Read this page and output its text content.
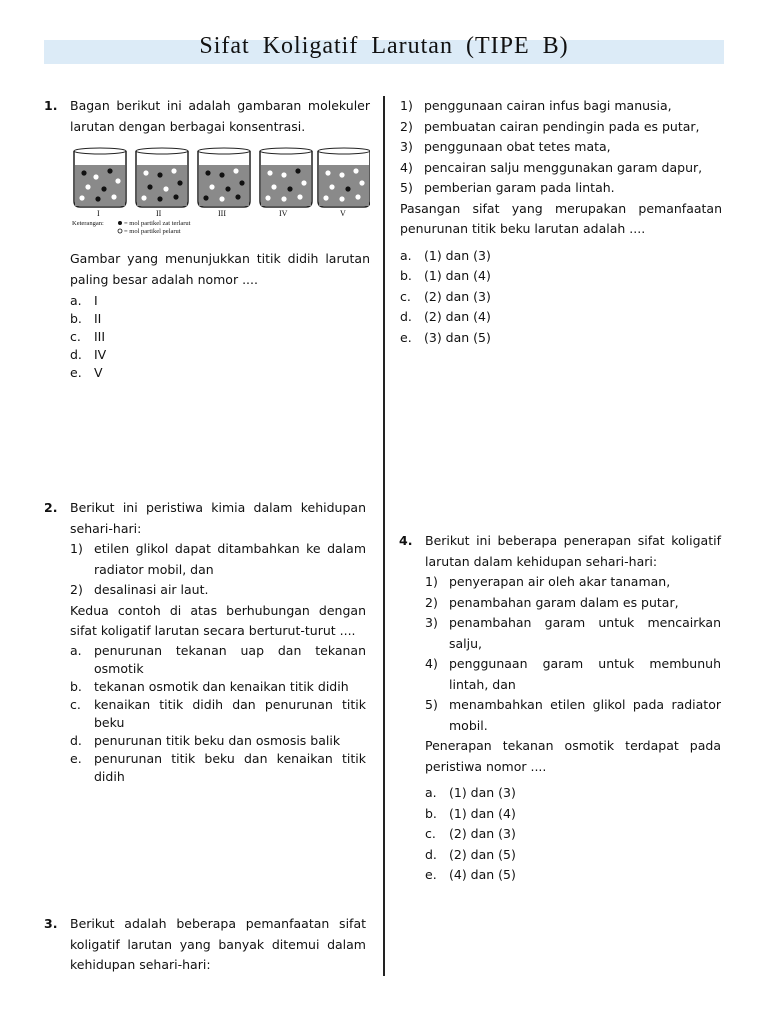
Sifat Koligatif Larutan (TIPE B)
1.	Bagan berikut ini adalah gambaran molekuler larutan dengan berbagai konsentrasi.
I	II	III	IV	V
Keterangan:	= mol partikel zat terlarut
= mol partikel pelarut
Gambar yang menunjukkan titik didih larutan paling besar adalah nomor ....
a. I
b. II
c.	III
d. IV
e. V
2.	Berikut ini peristiwa kimia dalam kehidupan sehari-hari:
1) etilen glikol dapat ditambahkan ke dalam radiator mobil, dan
2) desalinasi air laut.
Kedua contoh di atas berhubungan dengan sifat koligatif larutan secara berturut-turut ....
a. penurunan tekanan uap dan tekanan osmotik
b. tekanan osmotik dan kenaikan titik didih
c.	kenaikan titik didih dan penurunan titik beku
d. penurunan titik beku dan osmosis balik
e. penurunan titik beku dan kenaikan titik didih
3.	Berikut adalah beberapa pemanfaatan sifat koligatif larutan yang banyak ditemui dalam kehidupan sehari-hari:
1) penggunaan cairan infus bagi manusia,
2) pembuatan cairan pendingin pada es putar,
3) penggunaan obat tetes mata,
4) pencairan salju menggunakan garam dapur,
5) pemberian garam pada lintah.
Pasangan sifat yang merupakan pemanfaatan penurunan titik beku larutan adalah ....
a. (1) dan (3)
b. (1) dan (4)
c.	(2) dan (3)
d. (2) dan (4)
e. (3) dan (5)
4.	Berikut ini beberapa penerapan sifat koligatif larutan dalam kehidupan sehari-hari:
1) penyerapan air oleh akar tanaman,
2) penambahan garam dalam es putar,
3) penambahan garam untuk mencairkan salju,
4) penggunaan garam untuk membunuh lintah, dan
5) menambahkan etilen glikol pada radiator mobil.
Penerapan tekanan osmotik terdapat pada peristiwa nomor ....
a. (1) dan (3)
b. (1) dan (4)
c.	(2) dan (3)
d. (2) dan (5)
e. (4) dan (5)
